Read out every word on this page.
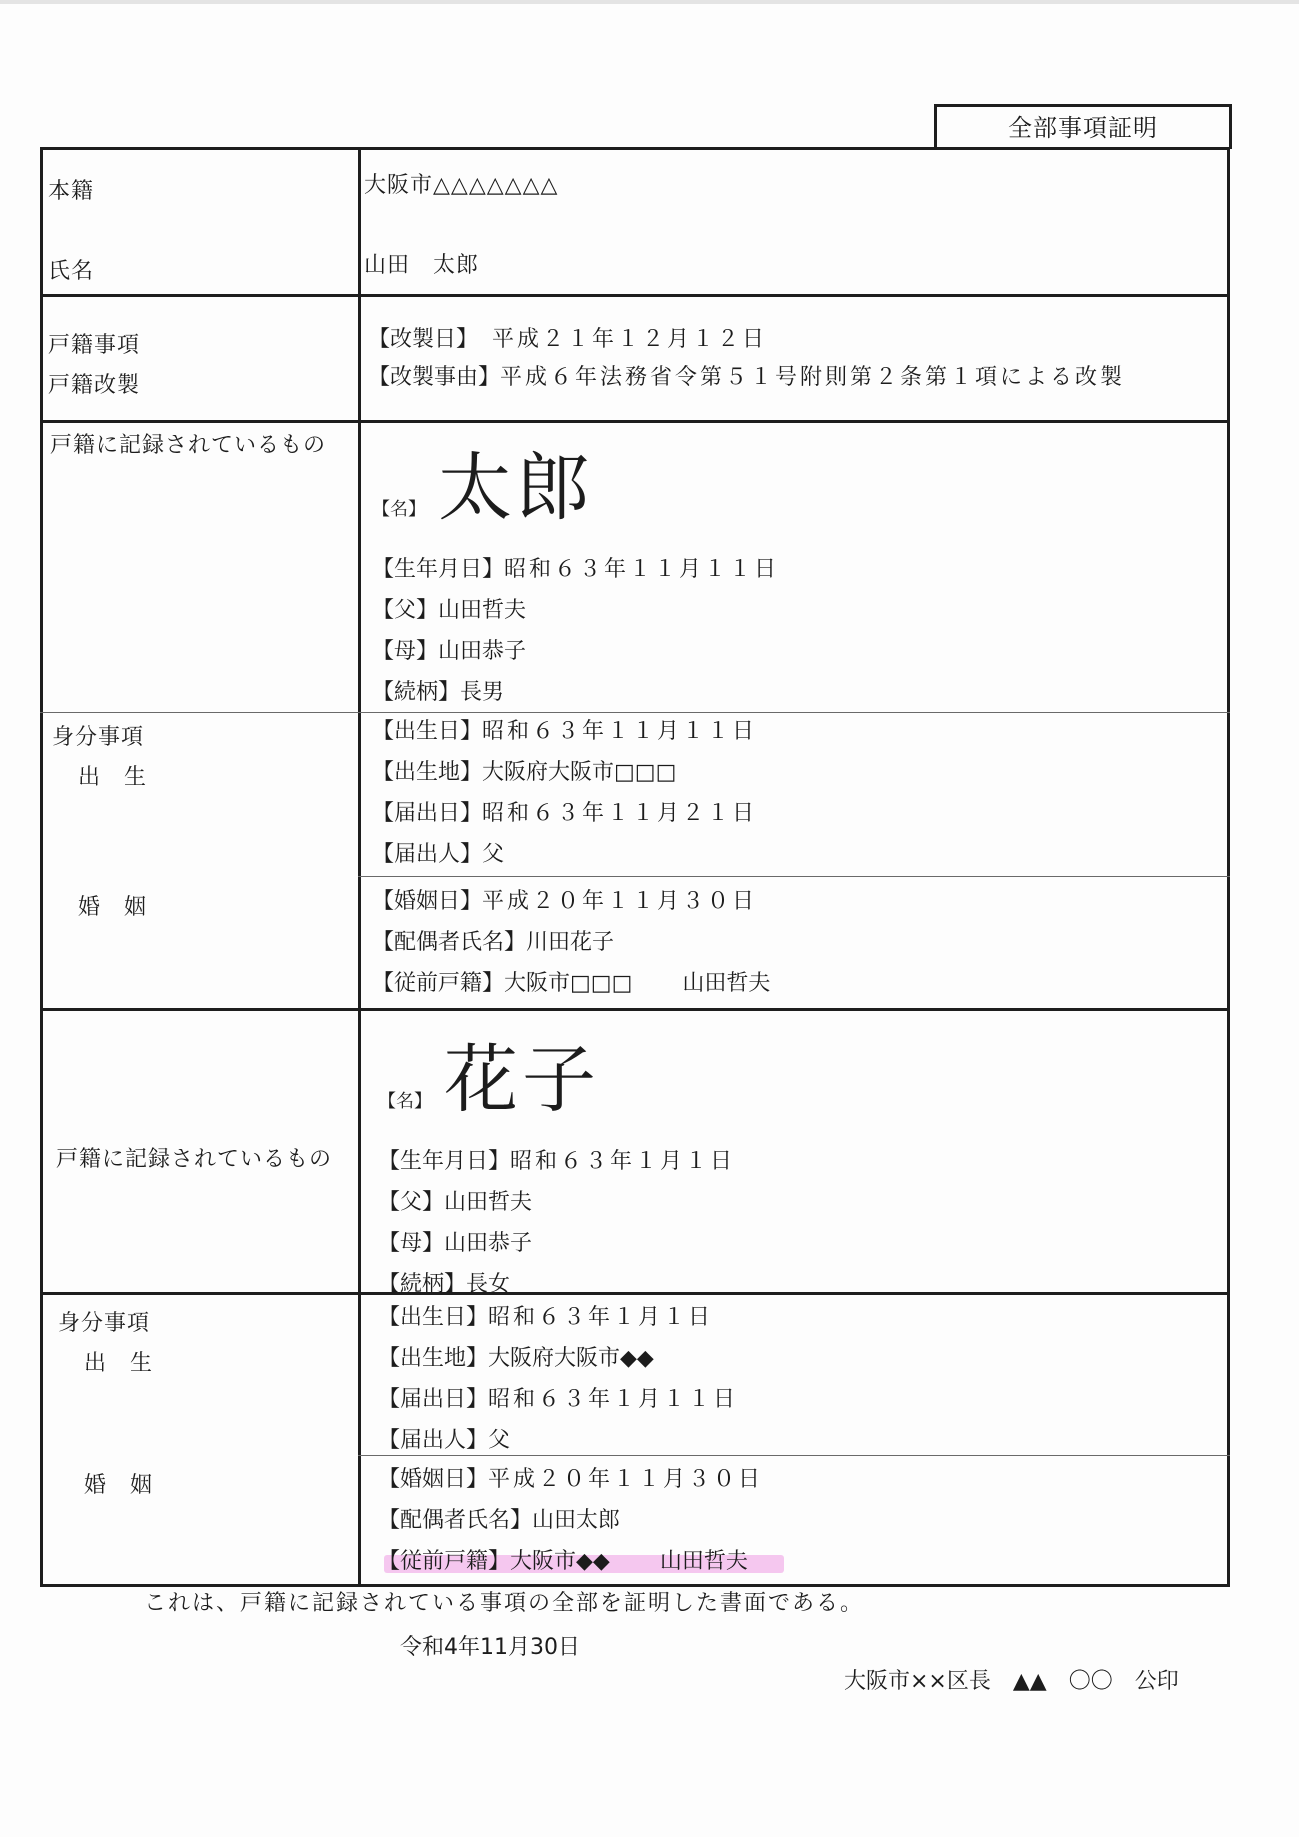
全部事項証明
本籍	大阪市△△△△△△△
氏名	山田　太郎
戸籍事項
戸籍改製
【改製日】 平成２１年１２月１２日
【改製事由】平成６年法務省令第５１号附則第２条第１項による改製
戸籍に記録されているもの
【名】 太郎
【生年月日】昭和６３年１１月１１日
【父】山田哲夫
【母】山田恭子
【続柄】長男
身分事項
出　生
婚　姻
【出生日】昭和６３年１１月１１日
【出生地】大阪府大阪市□□□
【届出日】昭和６３年１１月２１日
【届出人】父
【婚姻日】平成２０年１１月３０日
【配偶者氏名】川田花子
【従前戸籍】大阪市□□□ 山田哲夫
【名】 花子
戸籍に記録されているもの 【生年月日】昭和６３年１月１日
【父】山田哲夫
【母】山田恭子
【続柄】長女
身分事項
出　生
婚　姻
【出生日】昭和６３年１月１日
【出生地】大阪府大阪市◆◆
【届出日】昭和６３年１月１１日
【届出人】父
【婚姻日】平成２０年１１月３０日
【配偶者氏名】山田太郎
【従前戸籍】大阪市◆◆ 山田哲夫
これは、戸籍に記録されている事項の全部を証明した書面である。
令和4年11月30日
大阪市××区長　▲▲　〇〇　公印
